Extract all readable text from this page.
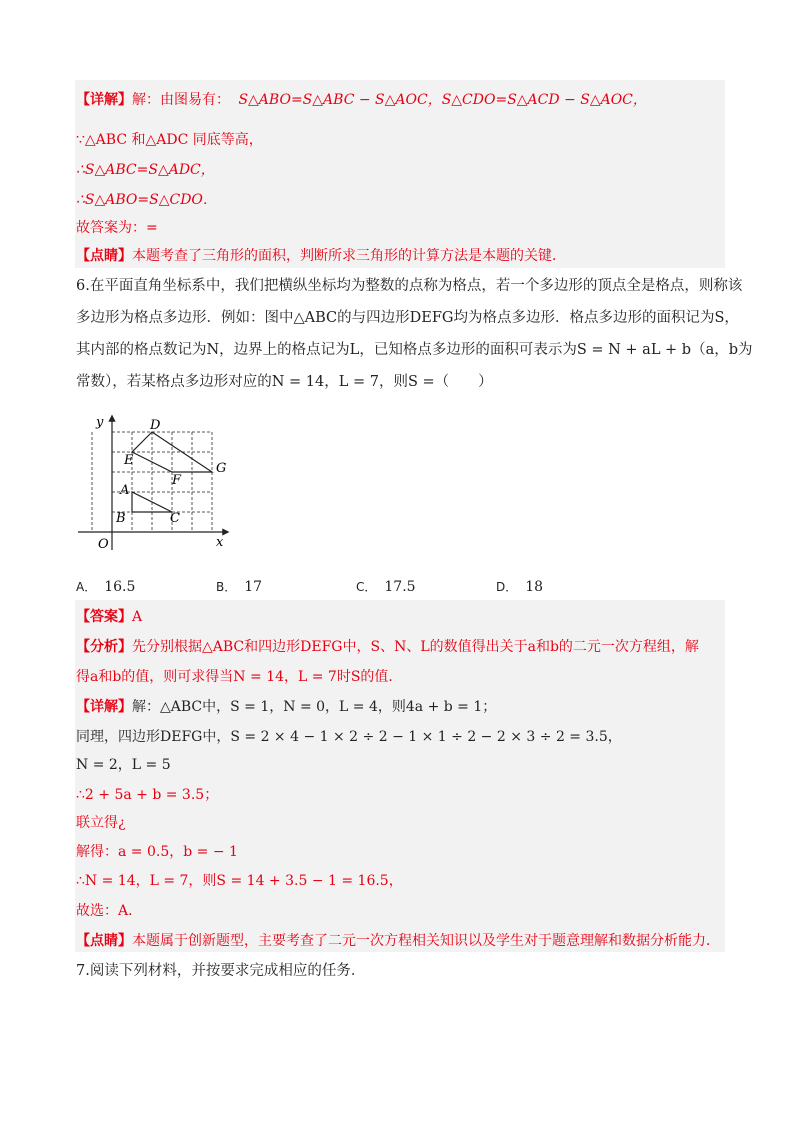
【详解】解：由图易有： S△ABO=S△ABC − S△AOC，S△CDO=S△ACD − S△AOC，
∵△ABC 和△ADC 同底等高，
∴S△ABC=S△ADC，
∴S△ABO=S△CDO．
故答案为：=
【点睛】本题考查了三角形的面积，判断所求三角形的计算方法是本题的关键．
6.在平面直角坐标系中，我们把横纵坐标均为整数的点称为格点，若一个多边形的顶点全是格点，则称该
多边形为格点多边形．例如：图中△ABC的与四边形DEFG均为格点多边形．格点多边形的面积记为S，
其内部的格点数记为N，边界上的格点记为L，已知格点多边形的面积可表示为S = N + aL + b（a，b为
常数），若某格点多边形对应的N = 14，L = 7，则S =（　　）
y
x
O
D
E
F
G
A
B	C
A． 16.5	B． 17	C． 17.5	D． 18
【答案】A
【分析】先分别根据△ABC和四边形DEFG中，S、N、L的数值得出关于a和b的二元一次方程组，解
得a和b的值，则可求得当N = 14，L = 7时S的值．
【详解】解：△ABC中，S = 1，N = 0，L = 4，则4a + b = 1；
同理，四边形DEFG中，S = 2 × 4 − 1 × 2 ÷ 2 − 1 × 1 ÷ 2 − 2 × 3 ÷ 2 = 3.5，
N = 2，L = 5
∴2 + 5a + b = 3.5；
联立得¿
解得：a = 0.5，b = − 1
∴N = 14，L = 7，则S = 14 + 3.5 − 1 = 16.5，
故选：A．
【点睛】本题属于创新题型，主要考查了二元一次方程相关知识以及学生对于题意理解和数据分析能力．
7.阅读下列材料，并按要求完成相应的任务．
